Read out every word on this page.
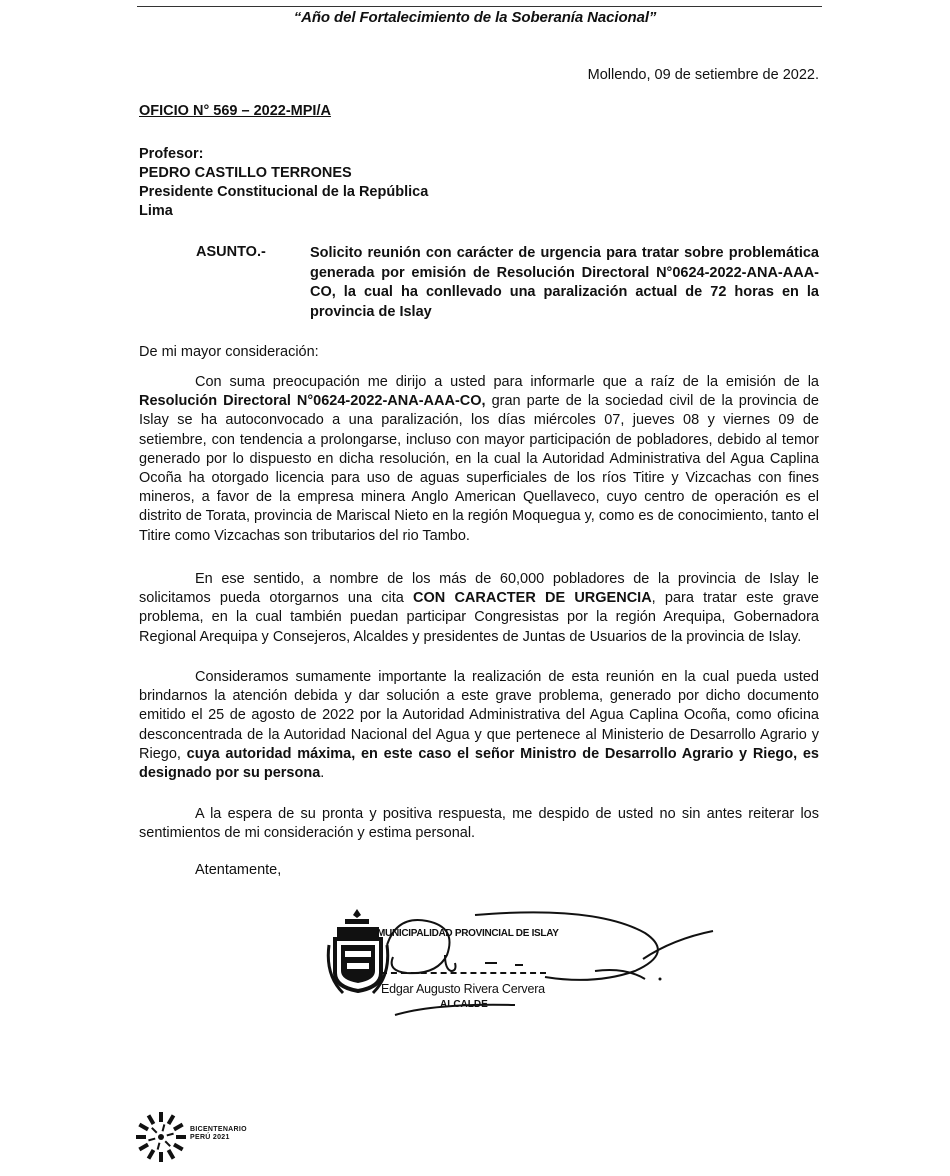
“Año del Fortalecimiento de la Soberanía Nacional”
Mollendo, 09 de setiembre de 2022.
OFICIO N° 569 – 2022-MPI/A
Profesor:
PEDRO CASTILLO TERRONES
Presidente Constitucional de la República
Lima
ASUNTO.-	Solicito reunión con carácter de urgencia para tratar sobre problemática generada por emisión de Resolución Directoral N°0624-2022-ANA-AAA-CO, la cual ha conllevado una paralización actual de 72 horas en la provincia de Islay
De mi mayor consideración:

Con suma preocupación me dirijo a usted para informarle que a raíz de la emisión de la Resolución Directoral N°0624-2022-ANA-AAA-CO, gran parte de la sociedad civil de la provincia de Islay se ha autoconvocado a una paralización, los días miércoles 07, jueves 08 y viernes 09 de setiembre, con tendencia a prolongarse, incluso con mayor participación de pobladores, debido al temor generado por lo dispuesto en dicha resolución, en la cual la Autoridad Administrativa del Agua Caplina Ocoña ha otorgado licencia para uso de aguas superficiales de los ríos Titire y Vizcachas con fines mineros, a favor de la empresa minera Anglo American Quellaveco, cuyo centro de operación es el distrito de Torata, provincia de Mariscal Nieto en la región Moquegua y, como es de conocimiento, tanto el Titire como Vizcachas son tributarios del rio Tambo.

En ese sentido, a nombre de los más de 60,000 pobladores de la provincia de Islay le solicitamos pueda otorgarnos una cita CON CARACTER DE URGENCIA, para tratar este grave problema, en la cual también puedan participar Congresistas por la región Arequipa, Gobernadora Regional Arequipa y Consejeros, Alcaldes y presidentes de Juntas de Usuarios de la provincia de Islay.

Consideramos sumamente importante la realización de esta reunión en la cual pueda usted brindarnos la atención debida y dar solución a este grave problema, generado por dicho documento emitido el 25 de agosto de 2022 por la Autoridad Administrativa del Agua Caplina Ocoña, como oficina desconcentrada de la Autoridad Nacional del Agua y que pertenece al Ministerio de Desarrollo Agrario y Riego, cuya autoridad máxima, en este caso el señor Ministro de Desarrollo Agrario y Riego, es designado por su persona.

A la espera de su pronta y positiva respuesta, me despido de usted no sin antes reiterar los sentimientos de mi consideración y estima personal.

Atentamente,
MUNICIPALIDAD PROVINCIAL DE ISLAY
Edgar Augusto Rivera Cervera
ALCALDE
BICENTENARIO
PERÚ 2021
